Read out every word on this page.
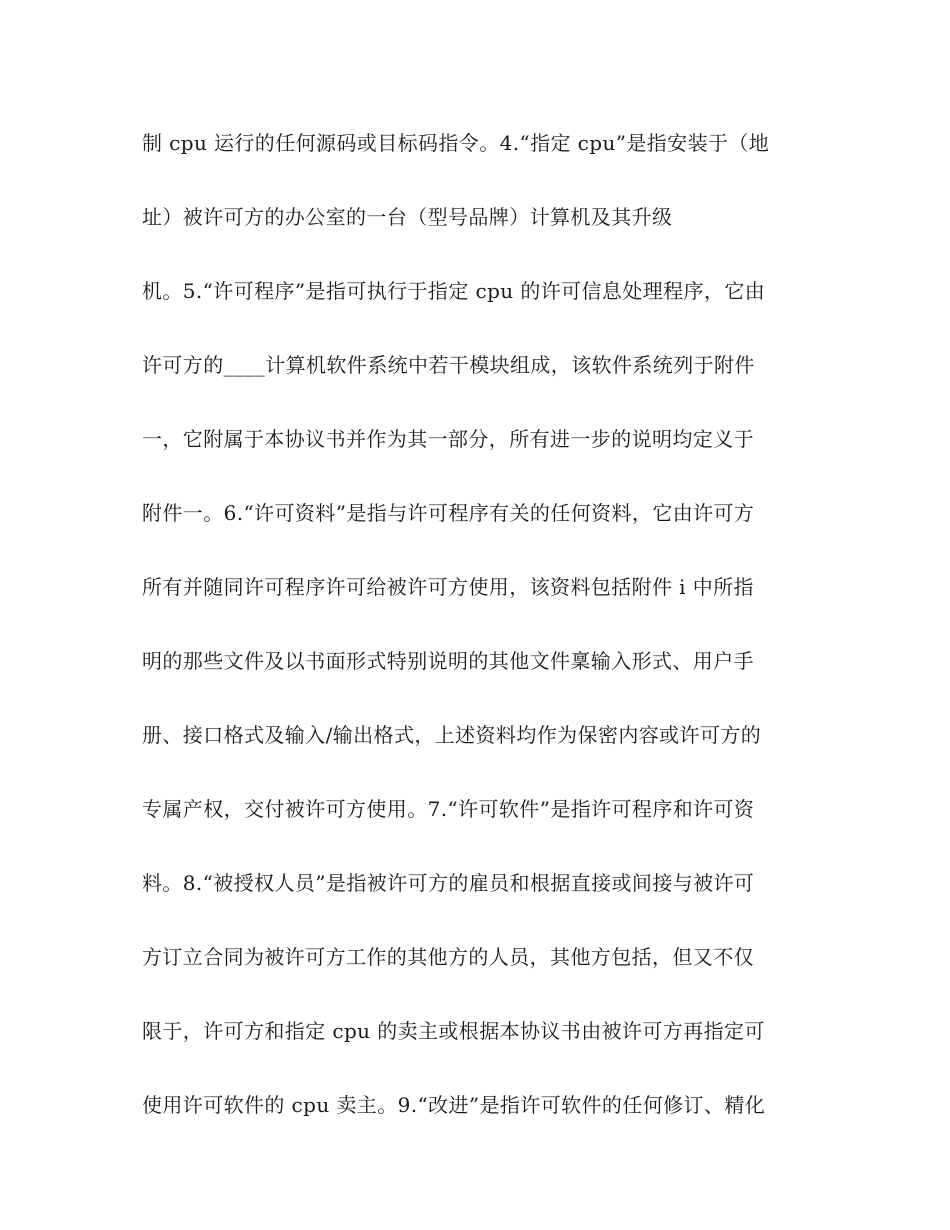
制 cpu 运行的任何源码或目标码指令。4.“指定 cpu”是指安装于（地
址）被许可方的办公室的一台（型号品牌）计算机及其升级
机。5.“许可程序”是指可执行于指定 cpu 的许可信息处理程序，它由
许可方的____计算机软件系统中若干模块组成，该软件系统列于附件
一，它附属于本协议书并作为其一部分，所有进一步的说明均定义于
附件一。6.“许可资料”是指与许可程序有关的任何资料，它由许可方
所有并随同许可程序许可给被许可方使用，该资料包括附件 i 中所指
明的那些文件及以书面形式特别说明的其他文件稟输入形式、用户手
册、接口格式及输入/输出格式，上述资料均作为保密内容或许可方的
专属产权，交付被许可方使用。7.“许可软件”是指许可程序和许可资
料。8.“被授权人员”是指被许可方的雇员和根据直接或间接与被许可
方订立合同为被许可方工作的其他方的人员，其他方包括，但又不仅
限于，许可方和指定 cpu 的卖主或根据本协议书由被许可方再指定可
使用许可软件的 cpu 卖主。9.“改进”是指许可软件的任何修订、精化
